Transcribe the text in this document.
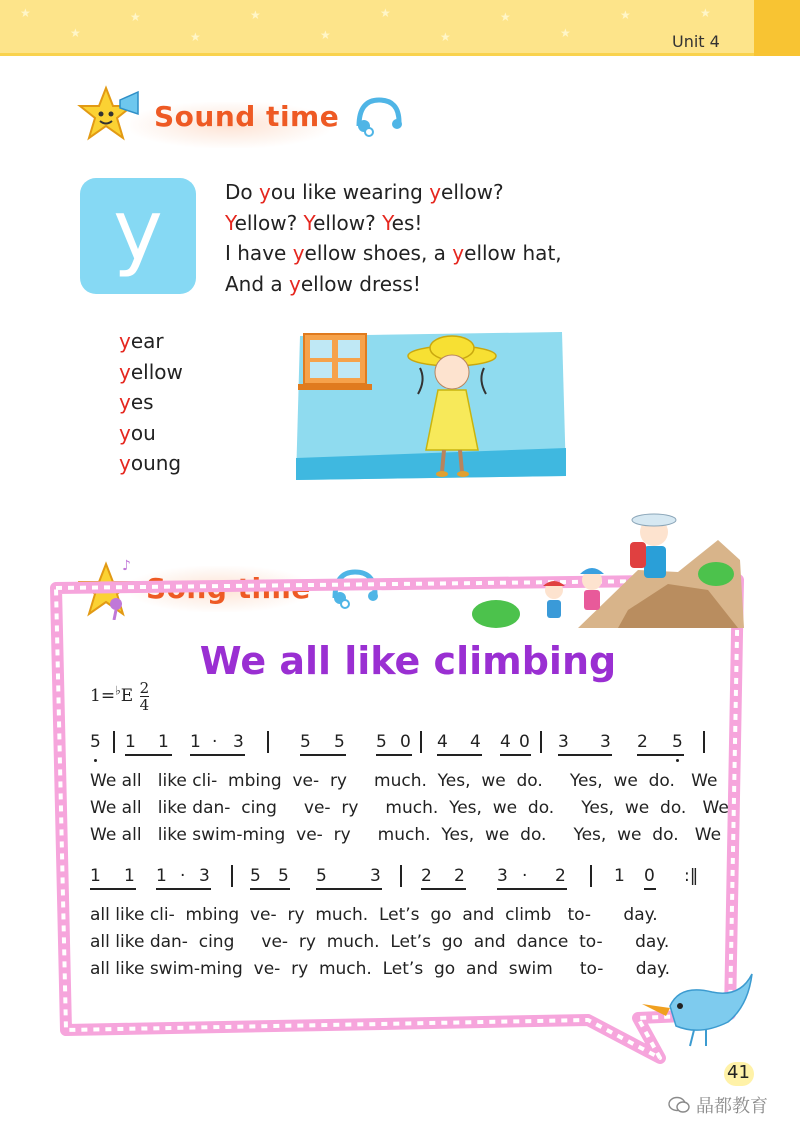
★
★
★
★
★
★
★
★
★
★
★	★
Unit 4
Sound time
y	Do you like wearing yellow?
Yellow? Yellow? Yes!
I have yellow shoes, a yellow hat,
And a yellow dress!
year
yellow
yes
you
young
♪
Song time
We all like climbing
$1=^♭E \frac{2}{4}$
41
晶都教育
5 1 1 1 · 3	5 5 5 0 4 4 4 0 3 3 2 5
We all   like cli-  mbing  ve-  ry     much.  Yes,  we  do.     Yes,  we  do.   We
We all   like dan-  cing     ve-  ry     much.  Yes,  we  do.     Yes,  we  do.   We
We all   like swim-ming  ve-  ry     much.  Yes,  we  do.     Yes,  we  do.   We
1 1 1 · 3 5 5 5	3 2 2 3 · 2	1 0 :‖
all like cli-  mbing  ve-  ry  much.  Let’s  go  and  climb   to-      day.
all like dan-  cing     ve-  ry  much.  Let’s  go  and  dance  to-      day.
all like swim-ming  ve-  ry  much.  Let’s  go  and  swim     to-      day.
